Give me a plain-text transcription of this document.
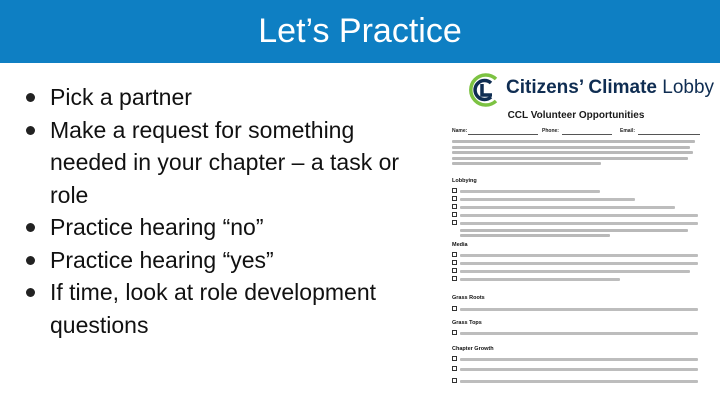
Let’s Practice
Pick a partner
Make a request for something needed in your chapter – a task or role
Practice hearing “no”
Practice hearing “yes”
If time, look at role development questions
Citizens’ Climate Lobby
CCL Volunteer Opportunities
Name:	Phone:	Email:
Lobbying
Media
Grass Roots
Grass Tops
Chapter Growth
